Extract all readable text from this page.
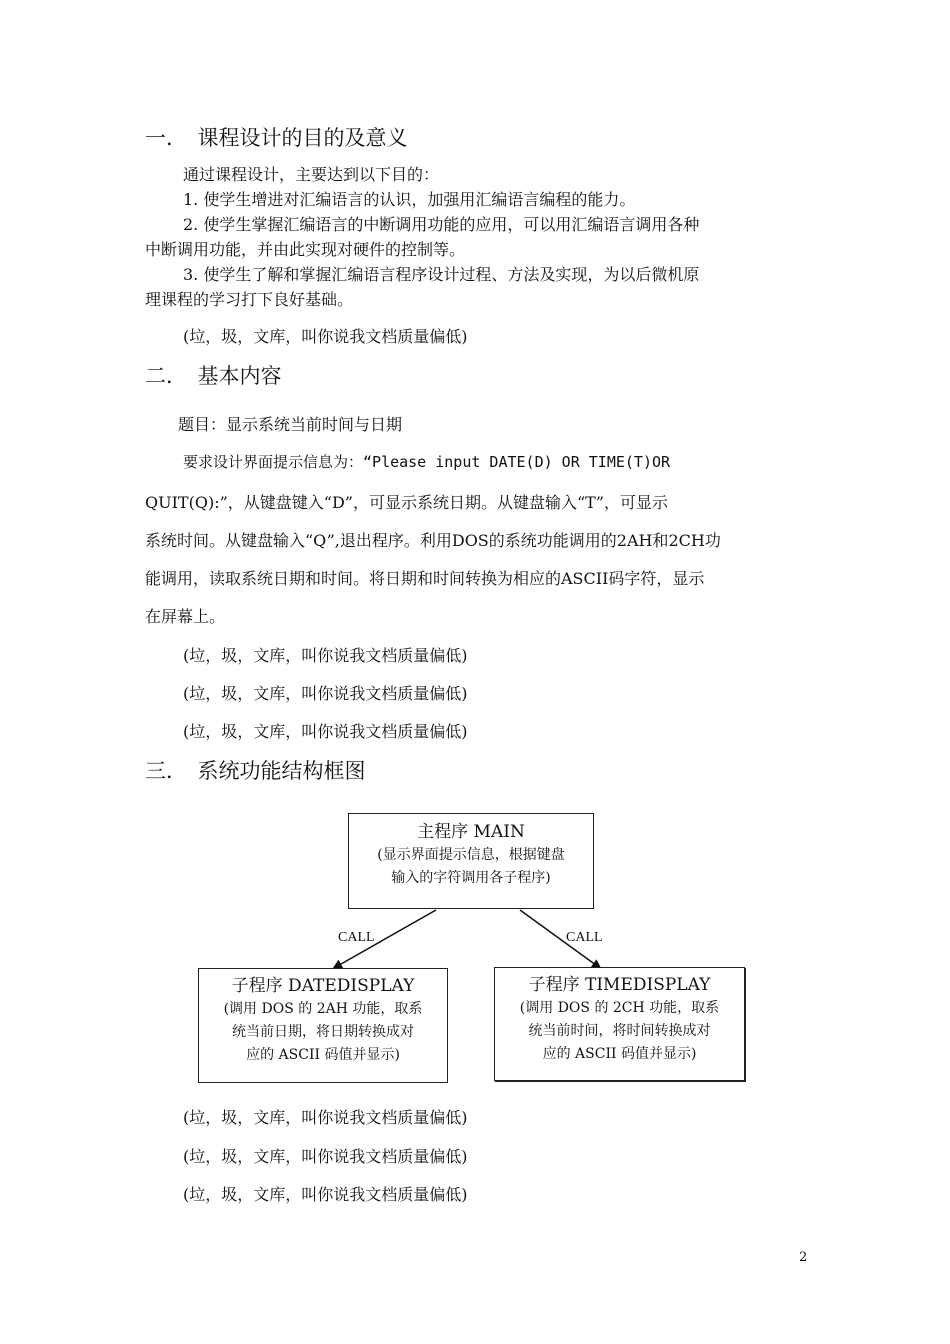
一．　课程设计的目的及意义
通过课程设计，主要达到以下目的：
1. 使学生增进对汇编语言的认识，加强用汇编语言编程的能力。
2. 使学生掌握汇编语言的中断调用功能的应用，可以用汇编语言调用各种
中断调用功能，并由此实现对硬件的控制等。
3. 使学生了解和掌握汇编语言程序设计过程、方法及实现，为以后微机原
理课程的学习打下良好基础。
(垃，圾，文库，叫你说我文档质量偏低)
二．　基本内容
题目：显示系统当前时间与日期
要求设计界面提示信息为：“Please input DATE(D) OR TIME(T)OR
QUIT(Q):”，从键盘键入“D”，可显示系统日期。从键盘输入“T”，可显示
系统时间。从键盘输入“Q”,退出程序。利用DOS的系统功能调用的2AH和2CH功
能调用，读取系统日期和时间。将日期和时间转换为相应的ASCII码字符，显示
在屏幕上。
(垃，圾，文库，叫你说我文档质量偏低)
(垃，圾，文库，叫你说我文档质量偏低)
(垃，圾，文库，叫你说我文档质量偏低)
三．　系统功能结构框图
主程序 MAIN
(显示界面提示信息，根据键盘
输入的字符调用各子程序)
CALL	CALL
子程序 DATEDISPLAY
(调用 DOS 的 2AH 功能，取系
统当前日期，将日期转换成对
应的 ASCII 码值并显示)
子程序 TIMEDISPLAY
(调用 DOS 的 2CH 功能，取系
统当前时间，将时间转换成对
应的 ASCII 码值并显示)
(垃，圾，文库，叫你说我文档质量偏低)
(垃，圾，文库，叫你说我文档质量偏低)
(垃，圾，文库，叫你说我文档质量偏低)
2
